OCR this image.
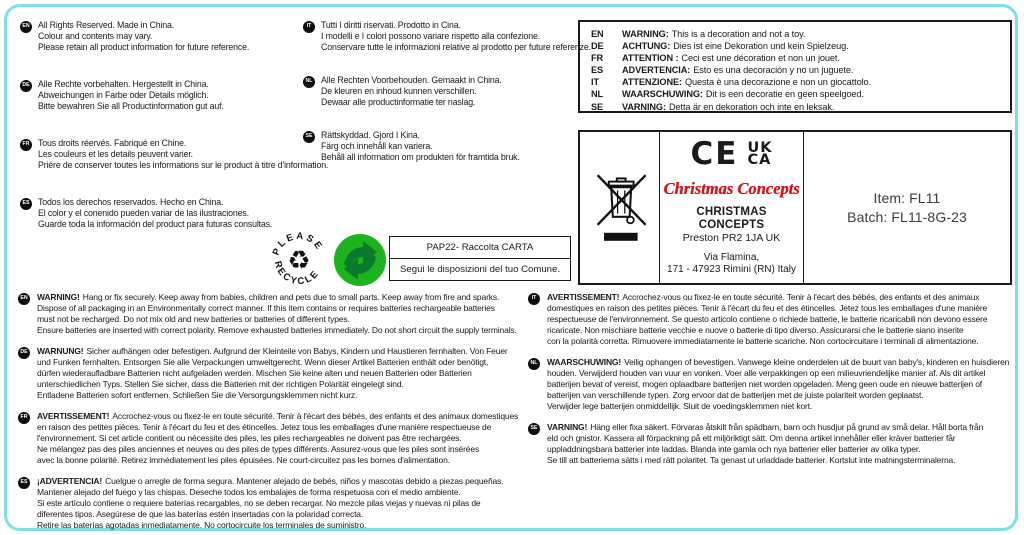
EN All Rights Reserved. Made in China.
Colour and contents may vary.
Please retain all product information for future reference.
DE Alle Rechte vorbehalten. Hergestellt in China.
Abweichungen in Farbe oder Details möglich.
Bitte bewahren Sie all Productinformation gut auf.
FR Tous droits réervés. Fabriqué en Chine.
Les couleurs et les details peuvent varier.
Priére de conserver toutes les informations sur le product à titre d'information.
ES Todos los derechos reservados. Hecho en China.
El color y el conenido pueden variar de las ilustraciones.
Guarde toda la información del product para futuras consultas.
IT Tutti I diritti riservati. Prodotto in Cina.
I modelli e I colori possono variare rispetto alla confezione.
Conservare tutte le informazioni relative al prodotto per future referenze.
NL Alle Rechten Voorbehouden. Gemaakt in China.
De kleuren en inhoud kunnen verschillen.
Dewaar alle productinformatie ter naslag.
SE Rättskyddad. Gjord I Kina.
Färg och innehåll kan variera.
Behåll all information om produkten för framtida bruk.
EN	WARNING: This is a decoration and not a toy.
DE	ACHTUNG: Dies ist eine Dekoration und kein Spielzeug.
FR	ATTENTION : Ceci est une décoration et non un jouet.
ES	ADVERTENCIA: Esto es una decoración y no un juguete.
IT	ATTENZIONE: Questa è una decorazione e non un giocattolo.
NL	WAARSCHUWING: Dit is een decoratie en geen speelgoed.
SE	VARNING: Detta är en dekoration och inte en leksak.
CE UK
CA
Christmas Concepts
CHRISTMAS CONCEPTS
Preston PR2 1JA UK
Via Flamina,
171 - 47923 Rimini (RN) Italy
Item: FL11
Batch: FL11-8G-23
PLEASE
RECYCLE
♻	PAP22- Raccolta CARTA
Segui le disposizioni del tuo Comune.
EN WARNING! Hang or fix securely. Keep away from babies, children and pets due to small parts. Keep away from fire and sparks.
Dispose of all packaging in an Environmentally correct manner. If this item contains or requires batteries rechargeable batteries
must not be recharged. Do not mix old and new batteries or batteries of different types.
Ensure batteries are inserted with correct polarity. Remove exhausted batteries immediately. Do not short circuit the supply terminals.
DE WARNUNG! Sicher aufhängen oder befestigen. Aufgrund der Kleinteile von Babys, Kindern und Haustieren fernhalten. Von Feuer
und Funken fernhalten. Entsorgen Sie alle Verpackungen umweltgerecht. Wenn dieser Artikel Batterien enthält oder benötigt,
dürfen wiederaufladbare Batterien nicht aufgeladen werden. Mischen Sie keine alten und neuen Batterien oder Batterien
unterschiedlichen Typs. Stellen Sie sicher, dass die Batterien mit der richtigen Polarität eingelegt sind.
Entladene Batterien sofort entfernen. Schließen Sie die Versorgungsklemmen nicht kurz.
FR AVERTISSEMENT! Accrochez-vous ou fixez-le en toute sécurité. Tenir à l'écart des bébés, des enfants et des animaux domestiques
en raison des petites pièces. Tenir à l'écart du feu et des étincelles. Jetez tous les emballages d'une manière respectueuse de
l'environnement. Si cet article contient ou nécessite des piles, les piles rechargeables ne doivent pas être rechargées.
Ne mélangez pas des piles anciennes et neuves ou des piles de types différents. Assurez-vous que les piles sont insérées
avec la bonne polarité. Retirez immédiatement les piles épuisées. Ne court-circuitez pas les bornes d'alimentation.
ES ¡ADVERTENCIA! Cuelgue o arregle de forma segura. Mantener alejado de bebés, niños y mascotas debido a piezas pequeñas.
Mantener alejado del fuego y las chispas. Deseche todos los embalajes de forma respetuosa con el medio ambiente.
Si este artículo contiene o requiere baterías recargables, no se deben recargar. No mezcle pilas viejas y nuevas ni pilas de
diferentes tipos. Asegúrese de que las baterías estén insertadas con la polaridad correcta.
Retire las baterías agotadas inmediatamente. No cortocircuite los terminales de suministro.
IT AVERTISSEMENT! Accrochez-vous ou fixez-le en toute sécurité. Tenir à l'écart des bébés, des enfants et des animaux
domestiques en raison des petites pièces. Tenir à l'écart du feu et des étincelles. Jetez tous les emballages d'une manière
respectueuse de l'environnement. Se questo articolo contiene o richiede batterie, le batterie ricaricabili non devono essere
ricaricate. Non mischiare batterie vecchie e nuove o batterie di tipo diverso. Assicurarsi che le batterie siano inserite
con la polarità corretta. Rimuovere immediatamente le batterie scariche. Non cortocircuitare i terminali di alimentazione.
NL WAARSCHUWING! Veilig ophangen of bevestigen. Vanwege kleine onderdelen uit de buurt van baby's, kinderen en huisdieren
houden. Verwijderd houden van vuur en vonken. Voer alle verpakkingen op een milieuvriendelijke manier af. Als dit artikel
batterijen bevat of vereist, mogen oplaadbare batterijen niet worden opgeladen. Meng geen oude en nieuwe batterijen of
batterijen van verschillende typen. Zorg ervoor dat de batterijen met de juiste polariteit worden geplaatst.
Verwijder lege batterijen onmiddellijk. Sluit de voedingsklemmen niet kort.
SE VARNING! Häng eller fixa säkert. Förvaras åtskilt från spädbarn, barn och husdjur på grund av små delar. Håll borta från
eld och gnistor. Kassera all förpackning på ett miljöriktigt sätt. Om denna artikel innehåller eller kräver batterier får
uppladdningsbara batterier inte laddas. Blanda inte gamla och nya batterier eller batterier av olika typer.
Se till att batterierna sätts i med rätt polaritet. Ta genast ut urladdade batterier. Kortslut inte matningsterminalerna.
